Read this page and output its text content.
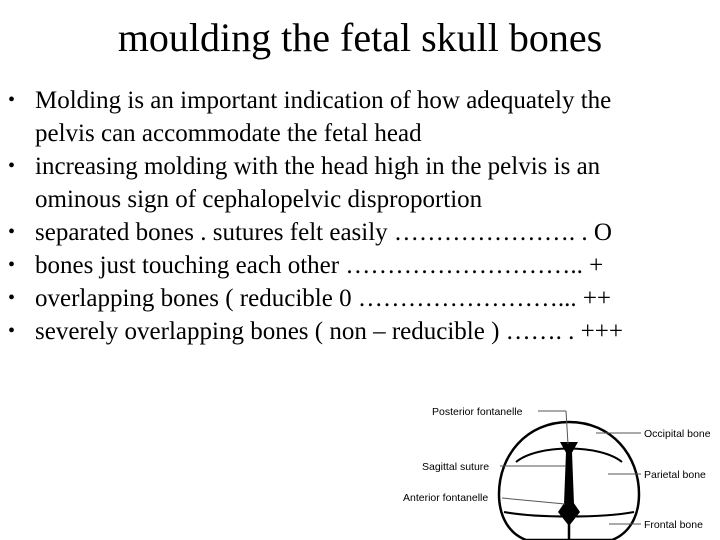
moulding the fetal skull bones
• Molding is an important indication of how adequately the
pelvis can accommodate the fetal head
• increasing molding with the head high in the pelvis is an
ominous sign of cephalopelvic disproportion
• separated bones . sutures felt easily …………………. . O
• bones just touching each other ……………………….. +
• overlapping bones ( reducible 0 ……………………... ++
• severely overlapping bones ( non – reducible ) ……. . +++
Posterior fontanelle
Occipital bone
Sagittal suture
Parietal bone
Anterior fontanelle
Frontal bone
